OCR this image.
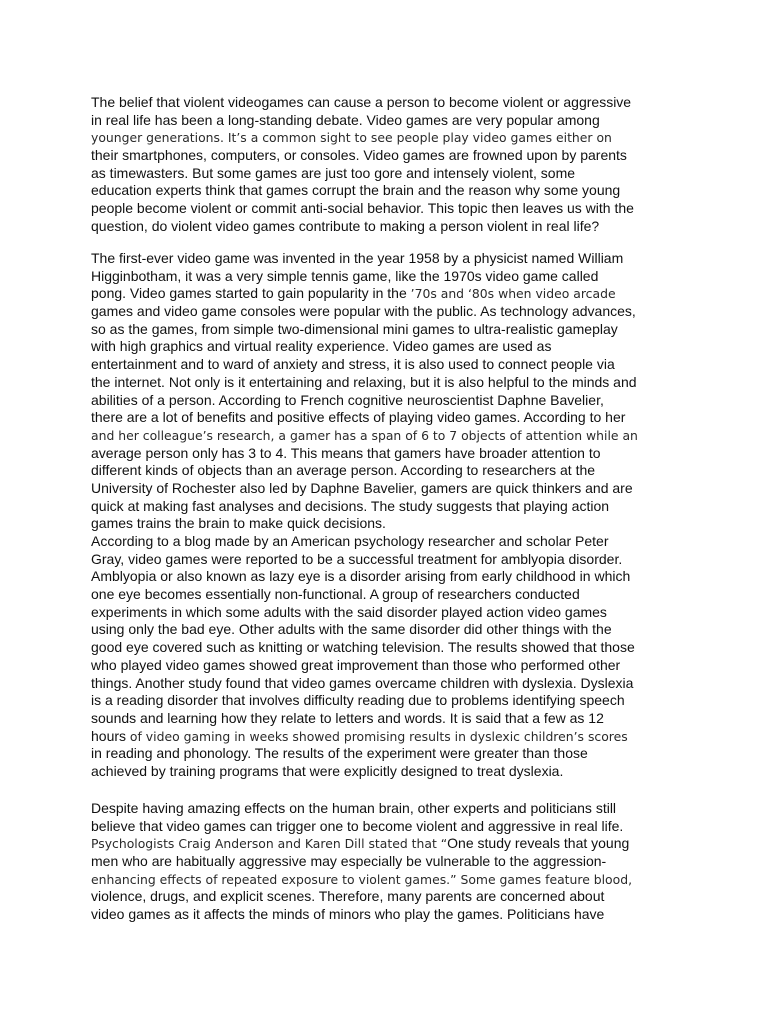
The belief that violent videogames can cause a person to become violent or aggressive
in real life has been a long-standing debate. Video games are very popular among
younger generations. It’s a common sight to see people play video games either on
their smartphones, computers, or consoles. Video games are frowned upon by parents
as timewasters. But some games are just too gore and intensely violent, some
education experts think that games corrupt the brain and the reason why some young
people become violent or commit anti-social behavior. This topic then leaves us with the
question, do violent video games contribute to making a person violent in real life?
The first-ever video game was invented in the year 1958 by a physicist named William
Higginbotham, it was a very simple tennis game, like the 1970s video game called
pong. Video games started to gain popularity in the ’70s and ‘80s when video arcade
games and video game consoles were popular with the public. As technology advances,
so as the games, from simple two-dimensional mini games to ultra-realistic gameplay
with high graphics and virtual reality experience. Video games are used as
entertainment and to ward of anxiety and stress, it is also used to connect people via
the internet. Not only is it entertaining and relaxing, but it is also helpful to the minds and
abilities of a person. According to French cognitive neuroscientist Daphne Bavelier,
there are a lot of benefits and positive effects of playing video games. According to her
and her colleague’s research, a gamer has a span of 6 to 7 objects of attention while an
average person only has 3 to 4. This means that gamers have broader attention to
different kinds of objects than an average person. According to researchers at the
University of Rochester also led by Daphne Bavelier, gamers are quick thinkers and are
quick at making fast analyses and decisions. The study suggests that playing action
games trains the brain to make quick decisions.
According to a blog made by an American psychology researcher and scholar Peter
Gray, video games were reported to be a successful treatment for amblyopia disorder.
Amblyopia or also known as lazy eye is a disorder arising from early childhood in which
one eye becomes essentially non-functional. A group of researchers conducted
experiments in which some adults with the said disorder played action video games
using only the bad eye. Other adults with the same disorder did other things with the
good eye covered such as knitting or watching television. The results showed that those
who played video games showed great improvement than those who performed other
things. Another study found that video games overcame children with dyslexia. Dyslexia
is a reading disorder that involves difficulty reading due to problems identifying speech
sounds and learning how they relate to letters and words. It is said that a few as 12
hours of video gaming in weeks showed promising results in dyslexic children’s scores
in reading and phonology. The results of the experiment were greater than those
achieved by training programs that were explicitly designed to treat dyslexia.
Despite having amazing effects on the human brain, other experts and politicians still
believe that video games can trigger one to become violent and aggressive in real life.
Psychologists Craig Anderson and Karen Dill stated that “One study reveals that young
men who are habitually aggressive may especially be vulnerable to the aggression-
enhancing effects of repeated exposure to violent games.” Some games feature blood,
violence, drugs, and explicit scenes. Therefore, many parents are concerned about
video games as it affects the minds of minors who play the games. Politicians have
